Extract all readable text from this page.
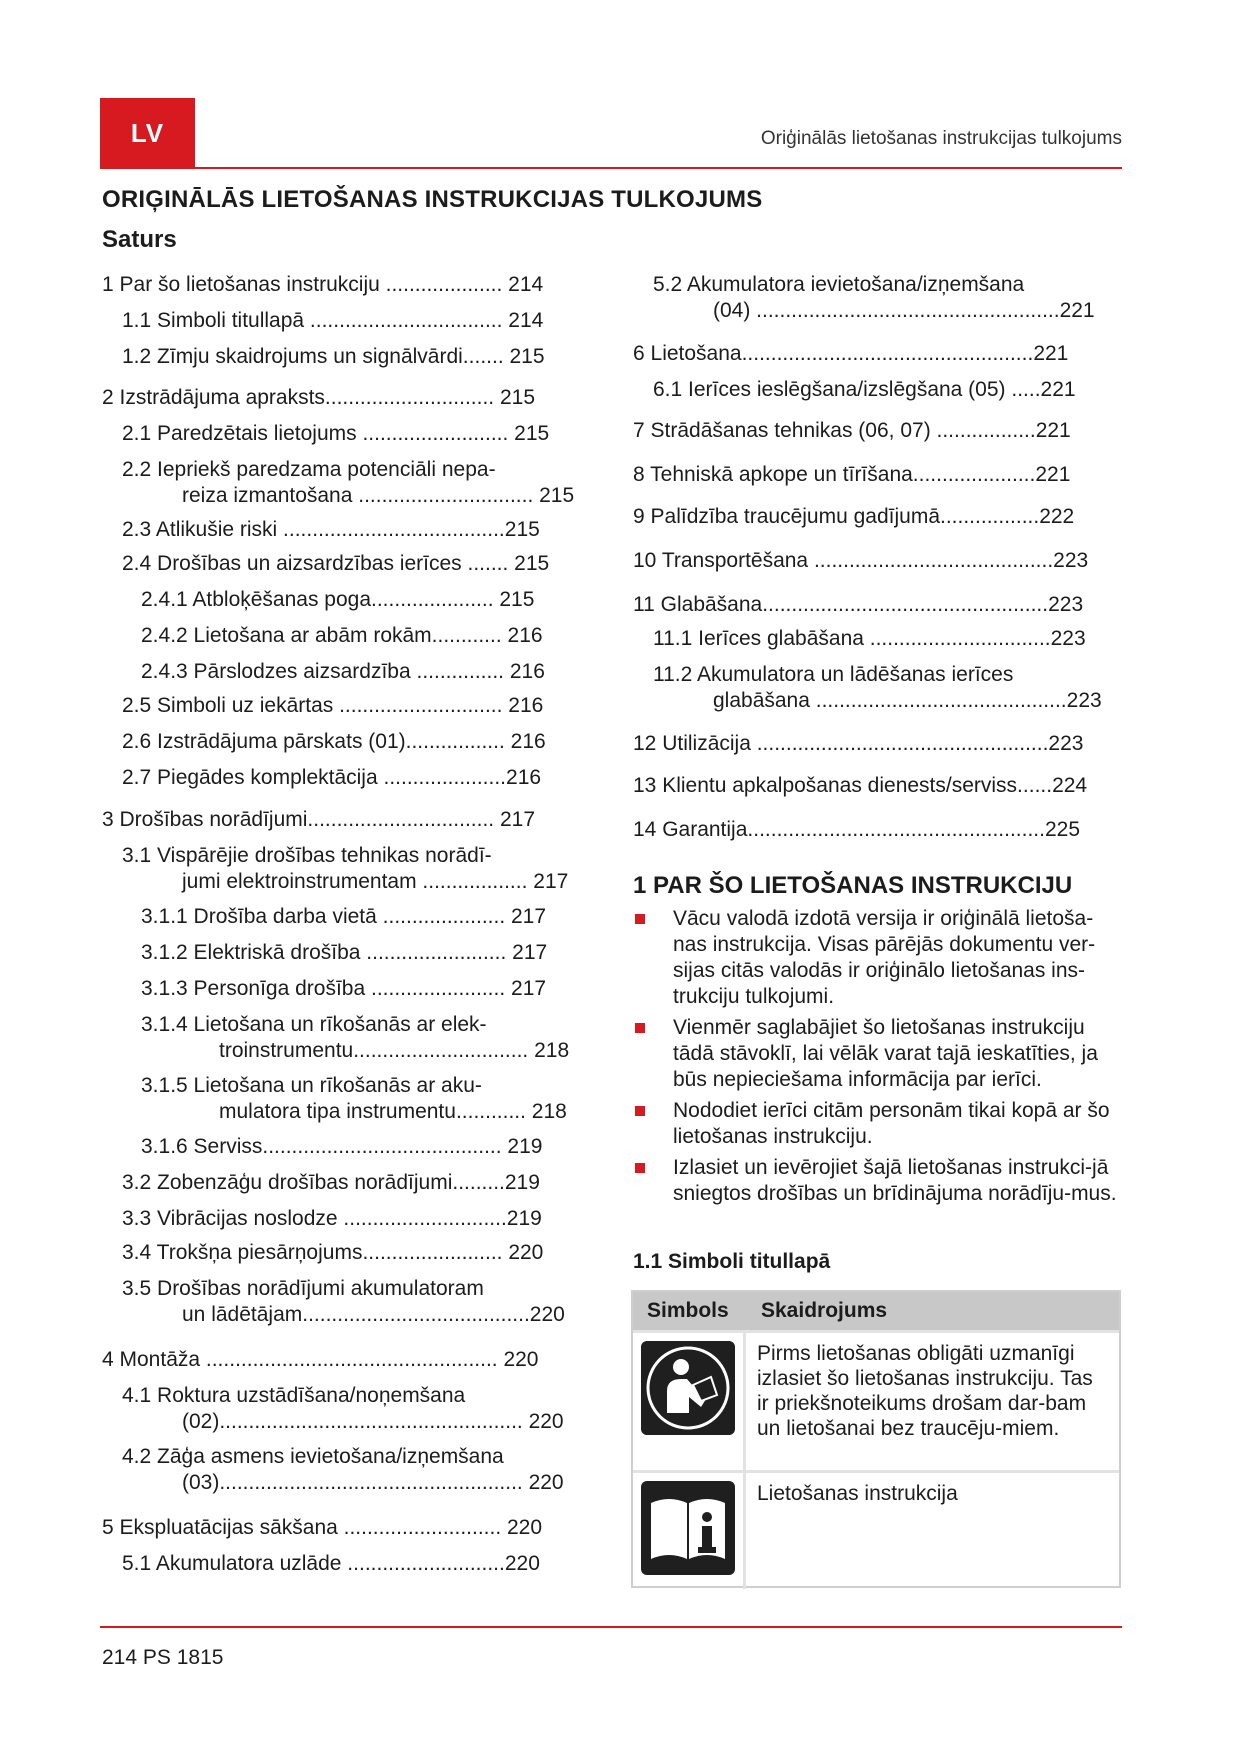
LV	Oriģinālās lietošanas instrukcijas tulkojums
ORIĢINĀLĀS LIETOŠANAS INSTRUKCIJAS TULKOJUMS
Saturs
1 Par šo lietošanas instrukciju .................... 214
1.1 Simboli titullapā ................................. 214
1.2 Zīmju skaidrojums un signālvārdi....... 215
2 Izstrādājuma apraksts............................. 215
2.1 Paredzētais lietojums ......................... 215
2.2 Iepriekš paredzama potenciāli nepa-
reiza izmantošana .............................. 215
2.3 Atlikušie riski ......................................215
2.4 Drošības un aizsardzības ierīces ....... 215
2.4.1 Atbloķēšanas poga..................... 215
2.4.2 Lietošana ar abām rokām............ 216
2.4.3 Pārslodzes aizsardzība ............... 216
2.5 Simboli uz iekārtas ............................ 216
2.6 Izstrādājuma pārskats (01)................. 216
2.7 Piegādes komplektācija .....................216
3 Drošības norādījumi................................ 217
3.1 Vispārējie drošības tehnikas norādī-
jumi elektroinstrumentam .................. 217
3.1.1 Drošība darba vietā ..................... 217
3.1.2 Elektriskā drošība ........................ 217
3.1.3 Personīga drošība ....................... 217
3.1.4 Lietošana un rīkošanās ar elek-
troinstrumentu.............................. 218
3.1.5 Lietošana un rīkošanās ar aku-
mulatora tipa instrumentu............ 218
3.1.6 Serviss......................................... 219
3.2 Zobenzāģu drošības norādījumi.........219
3.3 Vibrācijas noslodze ............................219
3.4 Trokšņa piesārņojums........................ 220
3.5 Drošības norādījumi akumulatoram
un lādētājam.......................................220
4 Montāža .................................................. 220
4.1 Roktura uzstādīšana/noņemšana
(02).................................................... 220
4.2 Zāģa asmens ievietošana/izņemšana
(03).................................................... 220
5 Ekspluatācijas sākšana ........................... 220
5.1 Akumulatora uzlāde ...........................220
5.2 Akumulatora ievietošana/izņemšana
(04) ....................................................221
6 Lietošana..................................................221
6.1 Ierīces ieslēgšana/izslēgšana (05) .....221
7 Strādāšanas tehnikas (06, 07) .................221
8 Tehniskā apkope un tīrīšana.....................221
9 Palīdzība traucējumu gadījumā.................222
10 Transportēšana .........................................223
11 Glabāšana.................................................223
11.1 Ierīces glabāšana ...............................223
11.2 Akumulatora un lādēšanas ierīces
glabāšana ...........................................223
12 Utilizācija ..................................................223
13 Klientu apkalpošanas dienests/serviss......224
14 Garantija...................................................225
1 PAR ŠO LIETOŠANAS INSTRUKCIJU
Vācu valodā izdotā versija ir oriģinālā lietoša-nas instrukcija. Visas pārējās dokumentu ver-sijas citās valodās ir oriģinālo lietošanas ins-trukciju tulkojumi.
Vienmēr saglabājiet šo lietošanas instrukciju tādā stāvoklī, lai vēlāk varat tajā ieskatīties, ja būs nepieciešama informācija par ierīci.
Nododiet ierīci citām personām tikai kopā ar šo lietošanas instrukciju.
Izlasiet un ievērojiet šajā lietošanas instrukci-jā sniegtos drošības un brīdinājuma norādīju-mus.
1.1 Simboli titullapā
Simbols Skaidrojums
Pirms lietošanas obligāti uzmanīgi izlasiet šo lietošanas instrukciju. Tas ir priekšnoteikums drošam dar-bam un lietošanai bez traucēju-miem.
Lietošanas instrukcija
214 PS 1815
